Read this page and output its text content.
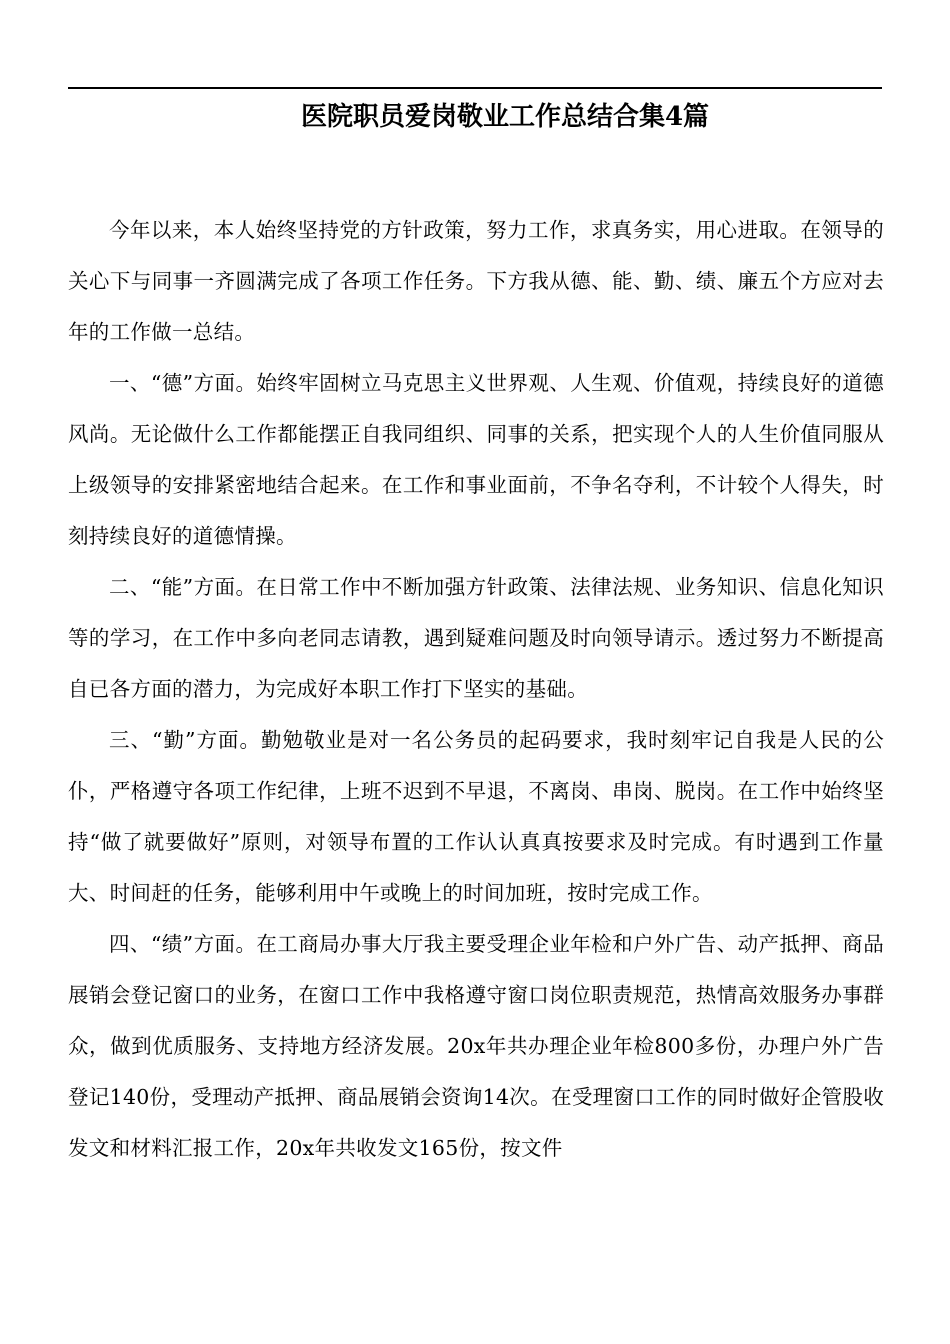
医院职员爱岗敬业工作总结合集4篇

今年以来，本人始终坚持党的方针政策，努力工作，求真务实，用心进取。在领导的关心下与同事一齐圆满完成了各项工作任务。下方我从德、能、勤、绩、廉五个方应对去年的工作做一总结。

一、“德”方面。始终牢固树立马克思主义世界观、人生观、价值观，持续良好的道德风尚。无论做什么工作都能摆正自我同组织、同事的关系，把实现个人的人生价值同服从上级领导的安排紧密地结合起来。在工作和事业面前，不争名夺利，不计较个人得失，时刻持续良好的道德情操。

二、“能”方面。在日常工作中不断加强方针政策、法律法规、业务知识、信息化知识等的学习，在工作中多向老同志请教，遇到疑难问题及时向领导请示。透过努力不断提高自已各方面的潜力，为完成好本职工作打下坚实的基础。

三、“勤”方面。勤勉敬业是对一名公务员的起码要求，我时刻牢记自我是人民的公仆，严格遵守各项工作纪律，上班不迟到不早退，不离岗、串岗、脱岗。在工作中始终坚持“做了就要做好”原则，对领导布置的工作认认真真按要求及时完成。有时遇到工作量大、时间赶的任务，能够利用中午或晚上的时间加班，按时完成工作。

四、“绩”方面。在工商局办事大厅我主要受理企业年检和户外广告、动产抵押、商品展销会登记窗口的业务，在窗口工作中我格遵守窗口岗位职责规范，热情高效服务办事群众，做到优质服务、支持地方经济发展。20x年共办理企业年检800多份，办理户外广告登记140份，受理动产抵押、商品展销会资询14次。在受理窗口工作的同时做好企管股收发文和材料汇报工作，20x年共收发文165份，按文件
